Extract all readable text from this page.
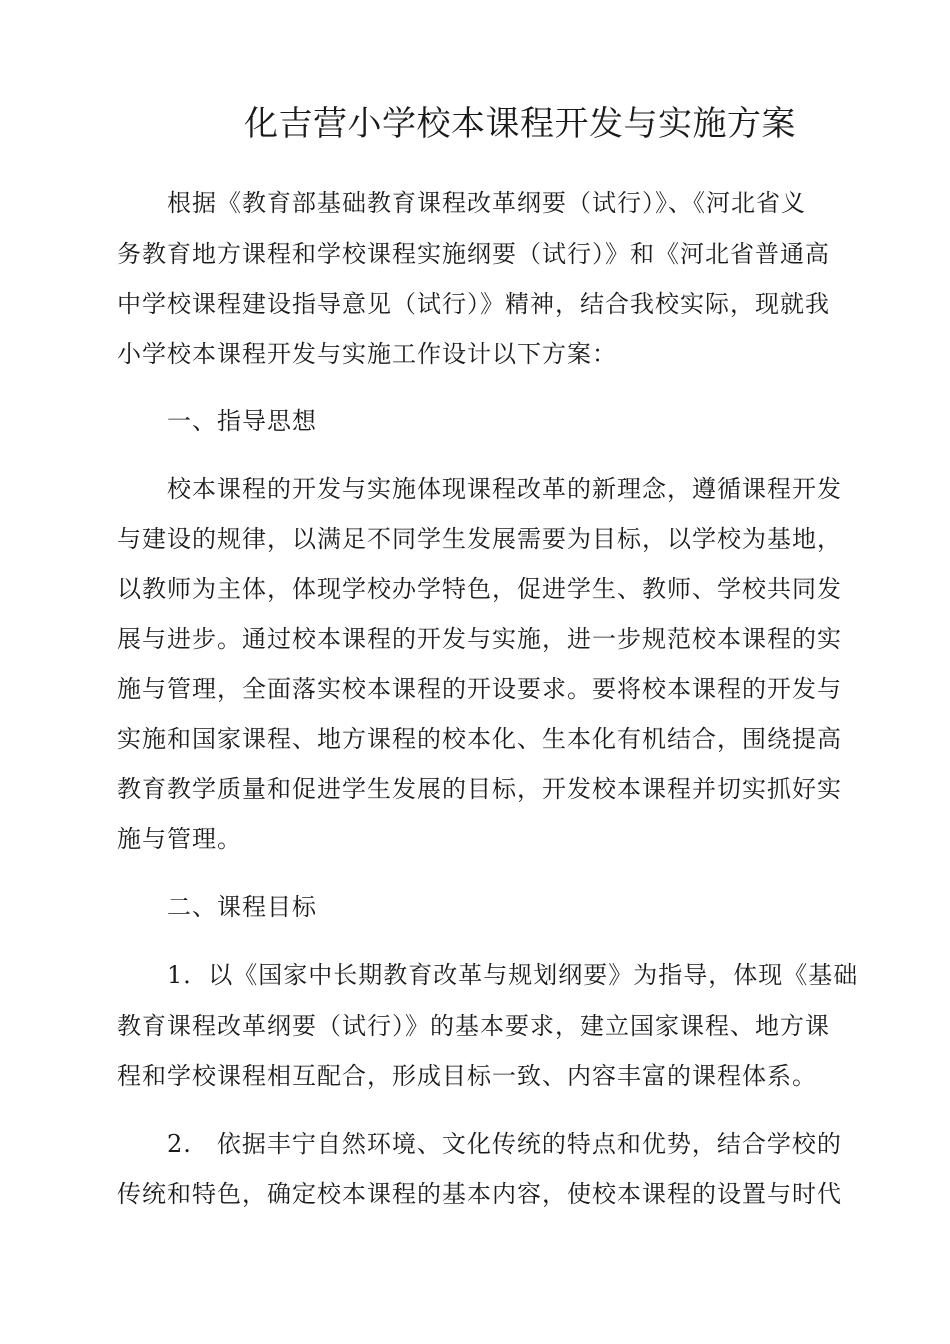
化吉营小学校本课程开发与实施方案
根据《教育部基础教育课程改革纲要（试行）》、《河北省义
务教育地方课程和学校课程实施纲要（试行）》和《河北省普通高
中学校课程建设指导意见（试行）》精神，结合我校实际，现就我
小学校本课程开发与实施工作设计以下方案：
一、指导思想
校本课程的开发与实施体现课程改革的新理念，遵循课程开发
与建设的规律，以满足不同学生发展需要为目标，以学校为基地，
以教师为主体，体现学校办学特色，促进学生、教师、学校共同发
展与进步。通过校本课程的开发与实施，进一步规范校本课程的实
施与管理，全面落实校本课程的开设要求。要将校本课程的开发与
实施和国家课程、地方课程的校本化、生本化有机结合，围绕提高
教育教学质量和促进学生发展的目标，开发校本课程并切实抓好实
施与管理。
二、课程目标
1．以《国家中长期教育改革与规划纲要》为指导，体现《基础
教育课程改革纲要（试行）》的基本要求，建立国家课程、地方课
程和学校课程相互配合，形成目标一致、内容丰富的课程体系。
2.　依据丰宁自然环境、文化传统的特点和优势，结合学校的
传统和特色，确定校本课程的基本内容，使校本课程的设置与时代
